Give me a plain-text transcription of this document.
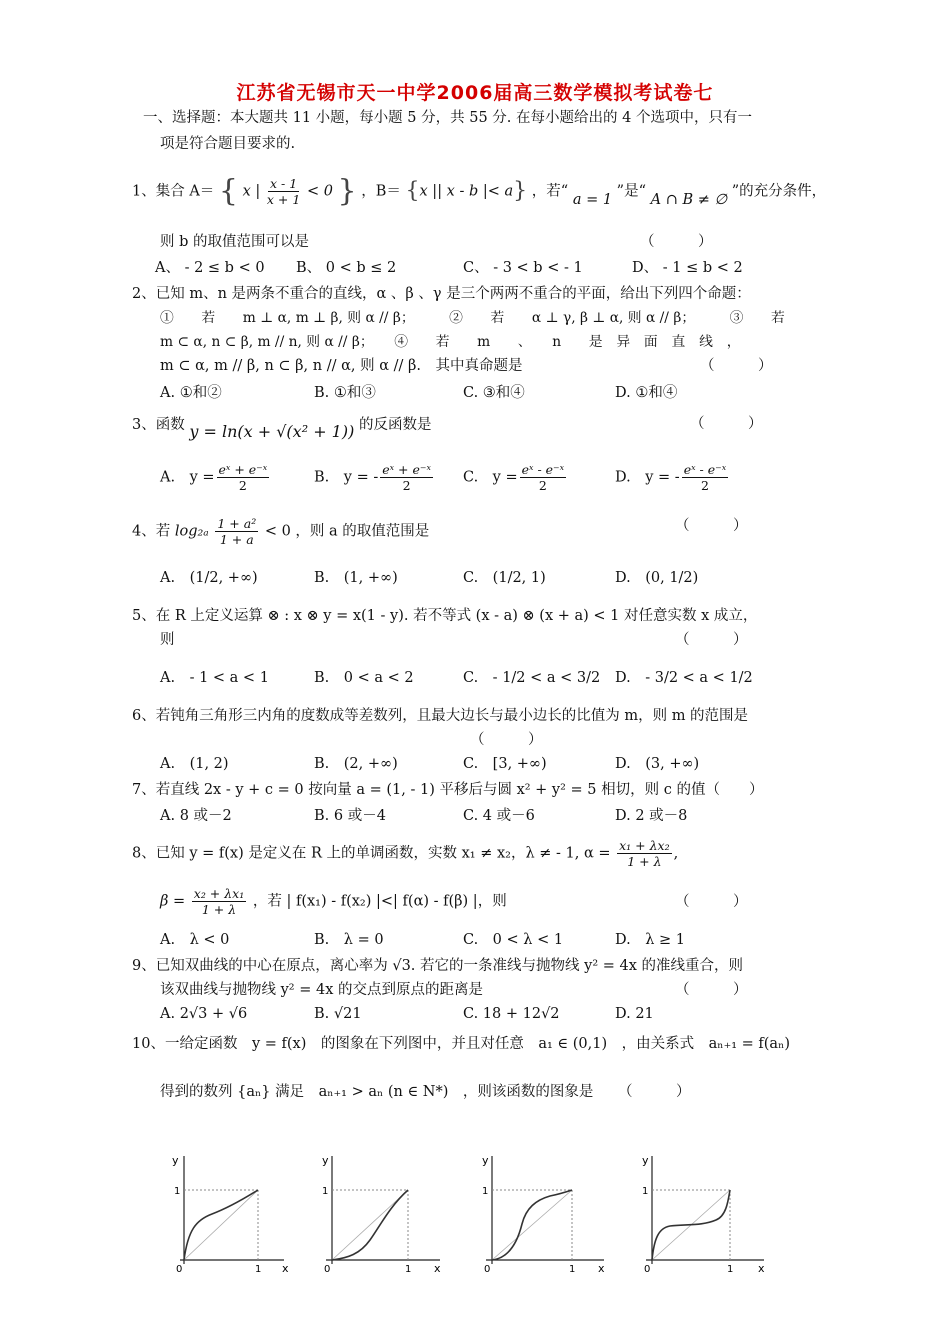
江苏省无锡市天一中学2006届高三数学模拟考试卷七
一、选择题：本大题共 11 小题，每小题 5 分，共 55 分. 在每小题给出的 4 个选项中，只有一
项是符合题目要求的.
1、集合 A＝ { x | $\frac{x - 1}{x + 1} < 0$ } ，B＝ {x || x - b |< a} ，若“ a = 1 ”是“ A ∩ B ≠ ∅ ”的充分条件，
则 b 的取值范围可以是	（　　　）
A、 - 2 ≤ b < 0 B、 0 < b ≤ 2	C、 - 3 < b < - 1	D、 - 1 ≤ b < 2
2、已知 m、n 是两条不重合的直线，α 、β 、γ 是三个两两不重合的平面，给出下列四个命题：
①　　若　　m ⊥ α, m ⊥ β, 则 α // β；　　　②　　若　　α ⊥ γ, β ⊥ α, 则 α // β；　　　③　　若
m ⊂ α, n ⊂ β, m // n, 则 α // β；　　④　　若　　m　　、　　n　　是　异　面　直　线　，
m ⊂ α, m // β, n ⊂ β, n // α, 则 α // β.　其中真命题是	（　　　）
A. ①和②	B. ①和③	C. ③和④	D. ①和④
3、函数 y = ln(x + √(x² + 1)) 的反函数是	（　　　）
A.　$y = \frac{\text{eˣ + e⁻ˣ}}{2}$	B.　y = - $\frac{\text{eˣ + e⁻ˣ}}{2} C$.　$y = \frac{\text{eˣ - e⁻ˣ}}{2}$	D.　y = - $\frac{\text{eˣ - e⁻ˣ}}{2}$
4、若 $\log_{2a} \frac{\text{1 + a²}}{1 + a} < 0$ ，则 a 的取值范围是	（　　　）
A.　(1/2, +∞)	B.　(1, +∞)	C.　(1/2, 1)	D.　(0, 1/2)
5、在 R 上定义运算 ⊗ : x ⊗ y = x(1 - y). 若不等式 (x - a) ⊗ (x + a) < 1 对任意实数 x 成立，
则	（　　　）
A.　- 1 < a < 1	B.　0 < a < 2	C.　- 1/2 < a < 3/2 D.　- 3/2 < a < 1/2
6、若钝角三角形三内角的度数成等差数列，且最大边长与最小边长的比值为 m，则 m 的范围是
（　　　）
A.　(1, 2)	B.　(2, +∞)	C.　[3, +∞)	D.　(3, +∞)
7、若直线 2x - y + c = 0 按向量 a = (1, - 1) 平移后与圆 x² + y² = 5 相切，则 c 的值（　　）
A. 8 或－2	B. 6 或－4	C. 4 或－6	D. 2 或－8
8、已知 y = f(x) 是定义在 R 上的单调函数，实数 x₁ ≠ x₂，λ ≠ - 1, $\alpha = \frac{\text{x₁ + λx₂}}{1 + \lambda}$ ,
$\beta = \frac{\text{x₂ + λx₁}}{1 + \lambda}$ ，若 | f(x₁) - f(x₂) |<| f(α) - f(β) |，则	（　　　）
A.　λ < 0	B.　λ = 0	C.　0 < λ < 1	D.　λ ≥ 1
9、已知双曲线的中心在原点，离心率为 √3. 若它的一条准线与抛物线 y² = 4x 的准线重合，则
该双曲线与抛物线 y² = 4x 的交点到原点的距离是	（　　　）
A. 2√3 + √6	B. √21	C. 18 + 12√2	D. 21
10、一给定函数　y = f(x)　的图象在下列图中，并且对任意　a₁ ∈ (0,1)　，由关系式　aₙ₊₁ = f(aₙ)
得到的数列 {aₙ} 满足　aₙ₊₁ > aₙ (n ∈ N*)　，则该函数的图象是 （　　　）
y
1
0	1 x
y
1
0	1 x
y
1
0	1 x
y
1
0	1 x
